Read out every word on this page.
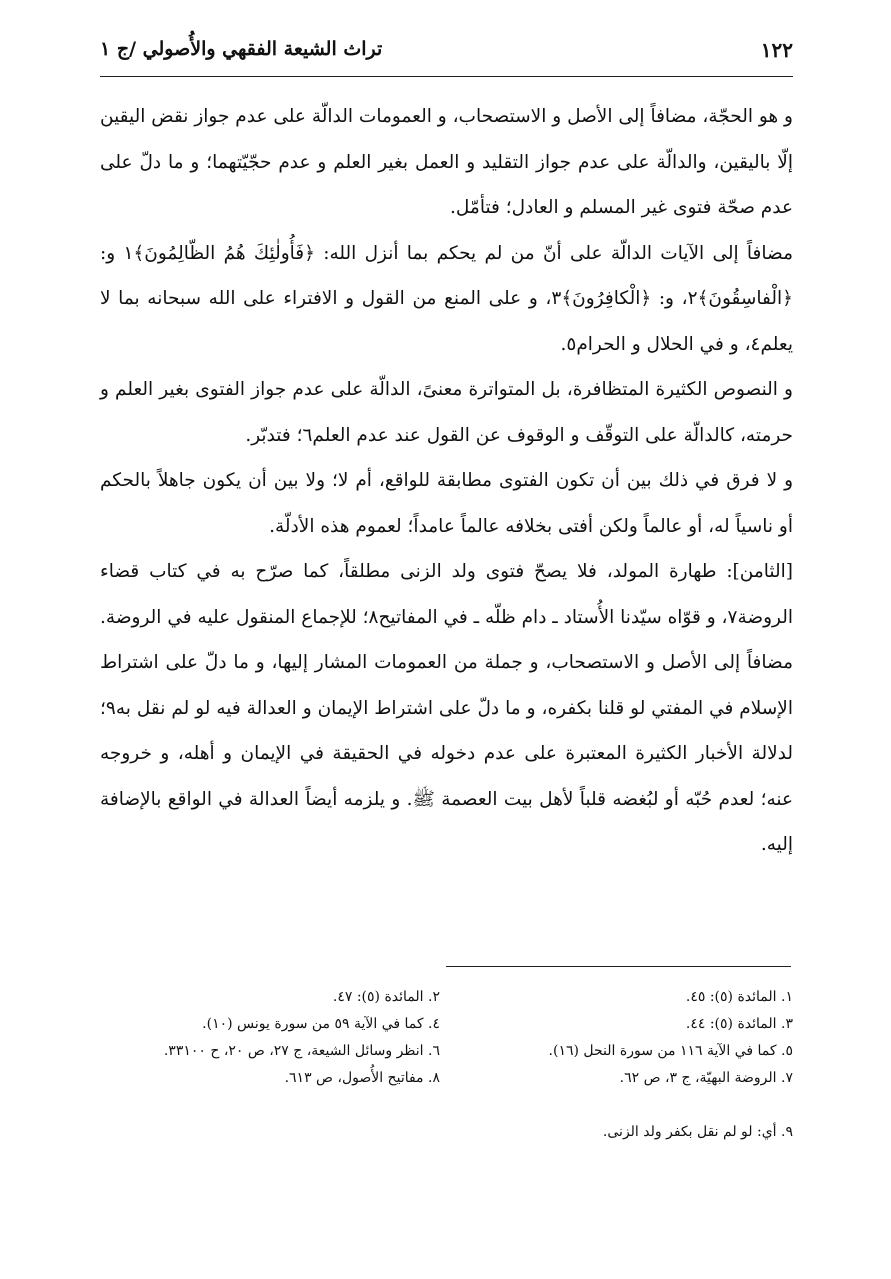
١٢٢
تراث الشيعة الفقهي والأُصولي /ج ١

و هو الحجّة، مضافاً إلى الأصل و الاستصحاب، و العمومات الدالّة على عدم جواز نقض اليقين إلّا باليقين، والدالّة على عدم جواز التقليد و العمل بغير العلم و عدم حجّيّتهما؛ و ما دلّ على عدم صحّة فتوى غير المسلم و العادل؛ فتأمّل.

مضافاً إلى الآيات الدالّة على أنّ من لم يحكم بما أنزل الله: ﴿فَأُولٰئِكَ هُمُ الظّالِمُونَ﴾١ و: ﴿الْفاسِقُونَ﴾٢، و: ﴿الْكافِرُونَ﴾٣، و على المنع من القول و الافتراء على الله سبحانه بما لا يعلم٤، و في الحلال و الحرام٥.

و النصوص الكثيرة المتظافرة، بل المتواترة معنىً، الدالّة على عدم جواز الفتوى بغير العلم و حرمته، كالدالّة على التوقّف و الوقوف عن القول عند عدم العلم٦؛ فتدبّر.

و لا فرق في ذلك بين أن تكون الفتوى مطابقة للواقع، أم لا؛ ولا بين أن يكون جاهلاً بالحكم أو ناسياً له، أو عالماً ولكن أفتى بخلافه عالماً عامداً؛ لعموم هذه الأدلّة.

[الثامن]: طهارة المولد، فلا يصحّ فتوى ولد الزنى مطلقاً، كما صرّح به في كتاب قضاء الروضة٧، و قوّاه سيّدنا الأُستاد ـ دام ظلّه ـ في المفاتيح٨؛ للإجماع المنقول عليه في الروضة.

مضافاً إلى الأصل و الاستصحاب، و جملة من العمومات المشار إليها، و ما دلّ على اشتراط الإسلام في المفتي لو قلنا بكفره، و ما دلّ على اشتراط الإيمان و العدالة فيه لو لم نقل به٩؛ لدلالة الأخبار الكثيرة المعتبرة على عدم دخوله في الحقيقة في الإيمان و أهله، و خروجه عنه؛ لعدم حُبّه أو لبُغضه قلباً لأهل بيت العصمة ﷺ. و يلزمه أيضاً العدالة في الواقع بالإضافة إليه.

١. المائدة (٥): ٤٥.
٣. المائدة (٥): ٤٤.
٥. كما في الآية ١١٦ من سورة النحل (١٦).
٧. الروضة البهيّة، ج ٣، ص ٦٢.
٢. المائدة (٥): ٤٧.
٤. كما في الآية ٥٩ من سورة يونس (١٠).
٦. انظر وسائل الشيعة، ج ٢٧، ص ٢٠، ح ٣٣١٠٠.
٨. مفاتيح الأُصول، ص ٦١٣.
٩. أي: لو لم نقل بكفر ولد الزنى.
